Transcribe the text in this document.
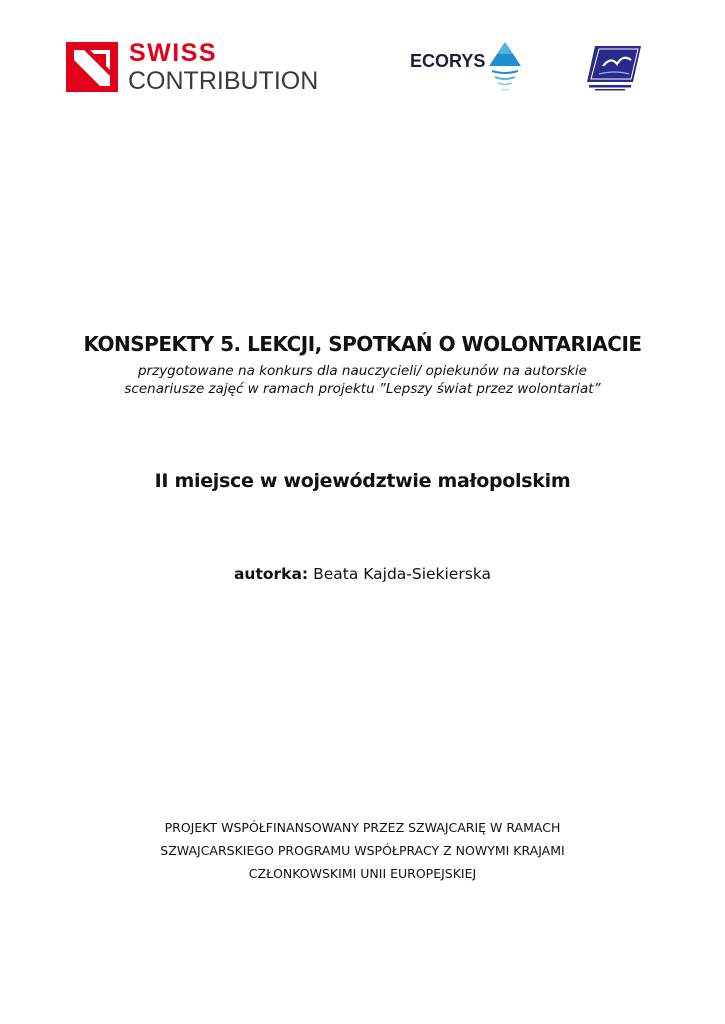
SWISS
CONTRIBUTION
ECORYS
KONSPEKTY 5. LEKCJI, SPOTKAŃ O WOLONTARIACIE
przygotowane na konkurs dla nauczycieli/ opiekunów na autorskie
scenariusze zajęć w ramach projektu ”Lepszy świat przez wolontariat”
II miejsce w województwie małopolskim
autorka: Beata Kajda-Siekierska
PROJEKT WSPÓŁFINANSOWANY PRZEZ SZWAJCARIĘ W RAMACH
SZWAJCARSKIEGO PROGRAMU WSPÓŁPRACY Z NOWYMI KRAJAMI
CZŁONKOWSKIMI UNII EUROPEJSKIEJ
